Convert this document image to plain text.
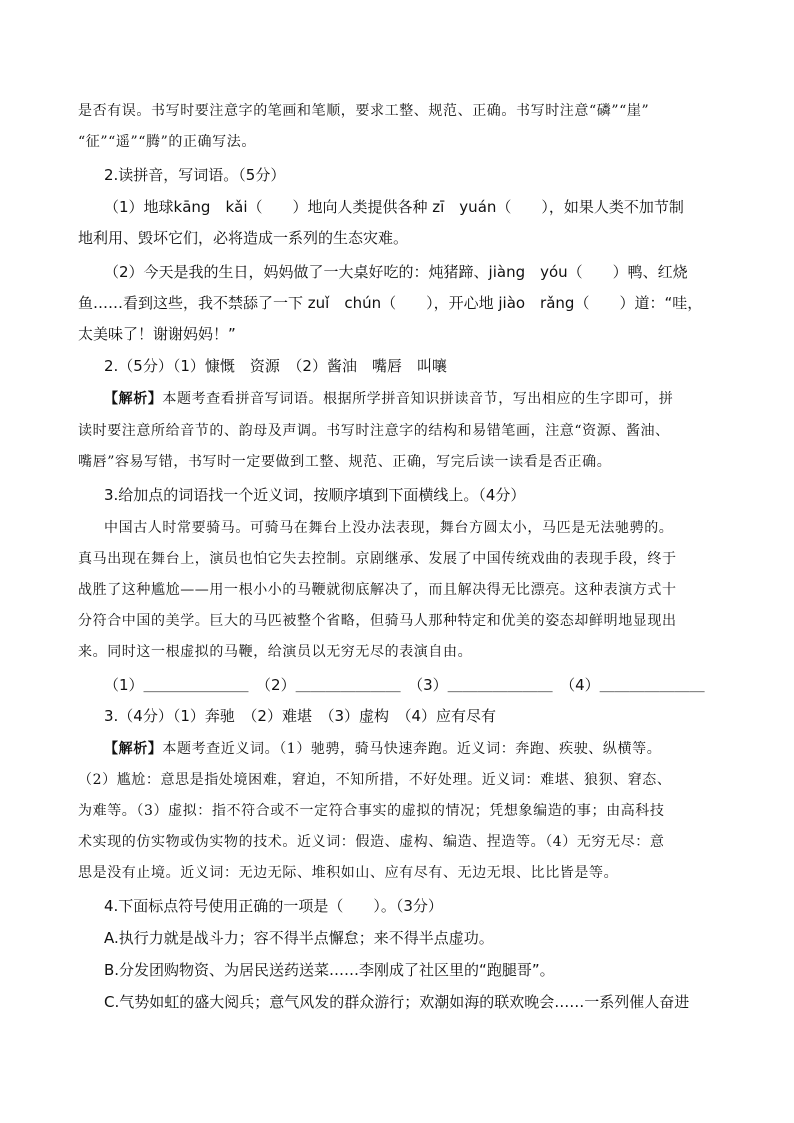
是否有误。书写时要注意字的笔画和笔顺，要求工整、规范、正确。书写时注意“磷”“崖”
“征”“遥”“腾”的正确写法。
2.读拼音，写词语。（5分）
（1）地球kāng　kǎi（　　）地向人类提供各种 zī　yuán（　　），如果人类不加节制
地利用、毁坏它们，必将造成一系列的生态灾难。
（2）今天是我的生日，妈妈做了一大桌好吃的：炖猪蹄、jiàng　yóu（　　）鸭、红烧
鱼……看到这些，我不禁舔了一下 zuǐ　chún（　　），开心地 jiào　rǎng（　　）道：“哇，
太美味了！谢谢妈妈！”
2.（5分）（1）慷慨　资源　（2）酱油　嘴唇　叫嚷
【解析】本题考查看拼音写词语。根据所学拼音知识拼读音节，写出相应的生字即可，拼
读时要注意所给音节的、韵母及声调。书写时注意字的结构和易错笔画，注意“资源、酱油、
嘴唇”容易写错，书写时一定要做到工整、规范、正确，写完后读一读看是否正确。
3.给加点的词语找一个近义词，按顺序填到下面横线上。（4分）
中国古人时常要骑马。可骑马在舞台上没办法表现，舞台方圆太小，马匹是无法驰骋的。
真马出现在舞台上，演员也怕它失去控制。京剧继承、发展了中国传统戏曲的表现手段，终于
战胜了这种尴尬——用一根小小的马鞭就彻底解决了，而且解决得无比漂亮。这种表演方式十
分符合中国的美学。巨大的马匹被整个省略，但骑马人那种特定和优美的姿态却鲜明地显现出
来。同时这一根虚拟的马鞭，给演员以无穷无尽的表演自由。
（1）＿＿＿＿＿＿＿　（2）＿＿＿＿＿＿＿　（3）＿＿＿＿＿＿＿　（4）＿＿＿＿＿＿＿
3.（4分）（1）奔驰　（2）难堪　（3）虚构　（4）应有尽有
【解析】本题考查近义词。（1）驰骋，骑马快速奔跑。近义词：奔跑、疾驶、纵横等。
（2）尴尬：意思是指处境困难，窘迫，不知所措，不好处理。近义词：难堪、狼狈、窘态、
为难等。（3）虚拟：指不符合或不一定符合事实的虚拟的情况；凭想象编造的事；由高科技
术实现的仿实物或伪实物的技术。近义词：假造、虚构、编造、捏造等。（4）无穷无尽：意
思是没有止境。近义词：无边无际、堆积如山、应有尽有、无边无垠、比比皆是等。
4.下面标点符号使用正确的一项是（　　）。（3分）
A.执行力就是战斗力；容不得半点懈怠；来不得半点虚功。
B.分发团购物资、为居民送药送菜……李刚成了社区里的“跑腿哥”。
C.气势如虹的盛大阅兵；意气风发的群众游行；欢潮如海的联欢晚会……一系列催人奋进
